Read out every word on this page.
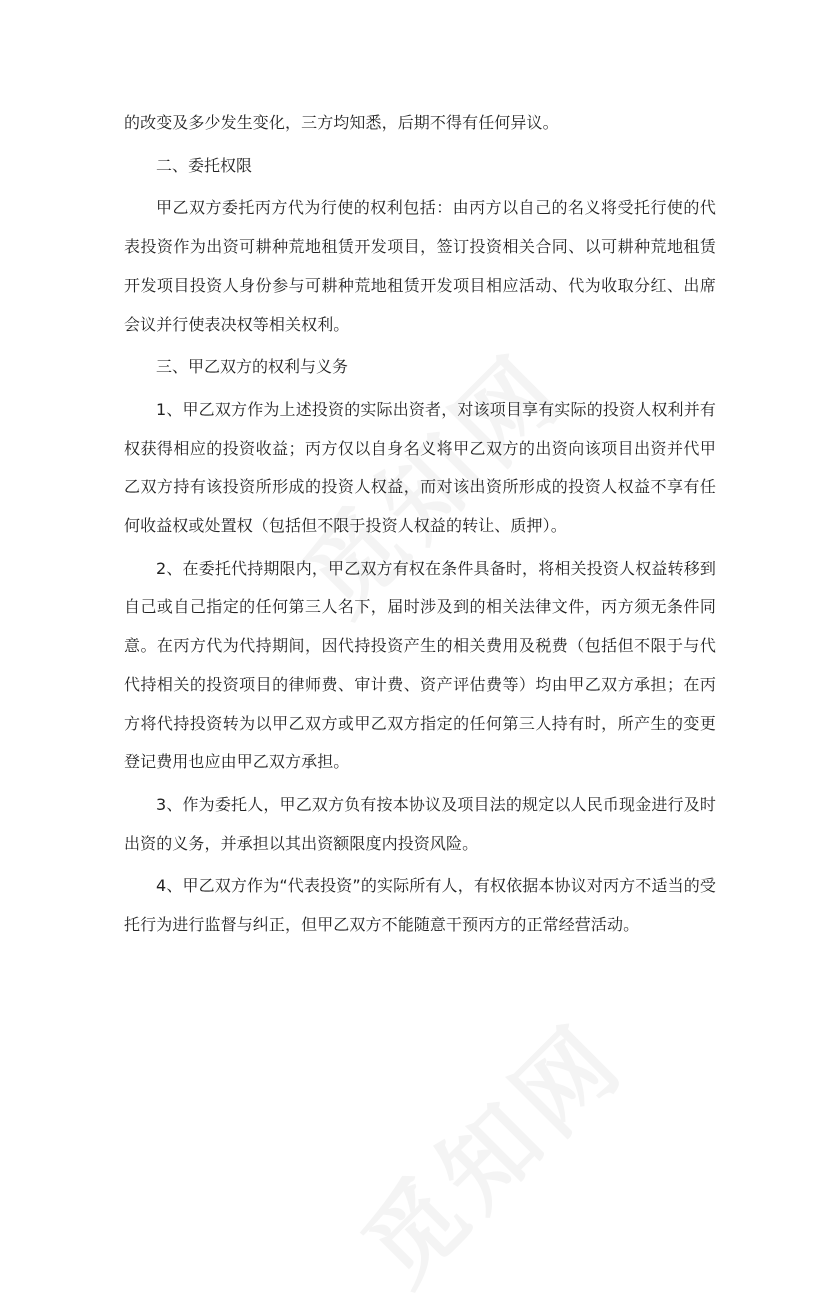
的改变及多少发生变化，三方均知悉，后期不得有任何异议。

二、委托权限

甲乙双方委托丙方代为行使的权利包括：由丙方以自己的名义将受托行使的代表投资作为出资可耕种荒地租赁开发项目，签订投资相关合同、以可耕种荒地租赁开发项目投资人身份参与可耕种荒地租赁开发项目相应活动、代为收取分红、出席会议并行使表决权等相关权利。

三、甲乙双方的权利与义务

1、甲乙双方作为上述投资的实际出资者，对该项目享有实际的投资人权利并有权获得相应的投资收益；丙方仅以自身名义将甲乙双方的出资向该项目出资并代甲乙双方持有该投资所形成的投资人权益，而对该出资所形成的投资人权益不享有任何收益权或处置权（包括但不限于投资人权益的转让、质押）。

2、在委托代持期限内，甲乙双方有权在条件具备时，将相关投资人权益转移到自己或自己指定的任何第三人名下，届时涉及到的相关法律文件，丙方须无条件同意。在丙方代为代持期间，因代持投资产生的相关费用及税费（包括但不限于与代代持相关的投资项目的律师费、审计费、资产评估费等）均由甲乙双方承担；在丙方将代持投资转为以甲乙双方或甲乙双方指定的任何第三人持有时，所产生的变更登记费用也应由甲乙双方承担。

3、作为委托人，甲乙双方负有按本协议及项目法的规定以人民币现金进行及时出资的义务，并承担以其出资额限度内投资风险。

4、甲乙双方作为“代表投资”的实际所有人，有权依据本协议对丙方不适当的受托行为进行监督与纠正，但甲乙双方不能随意干预丙方的正常经营活动。
